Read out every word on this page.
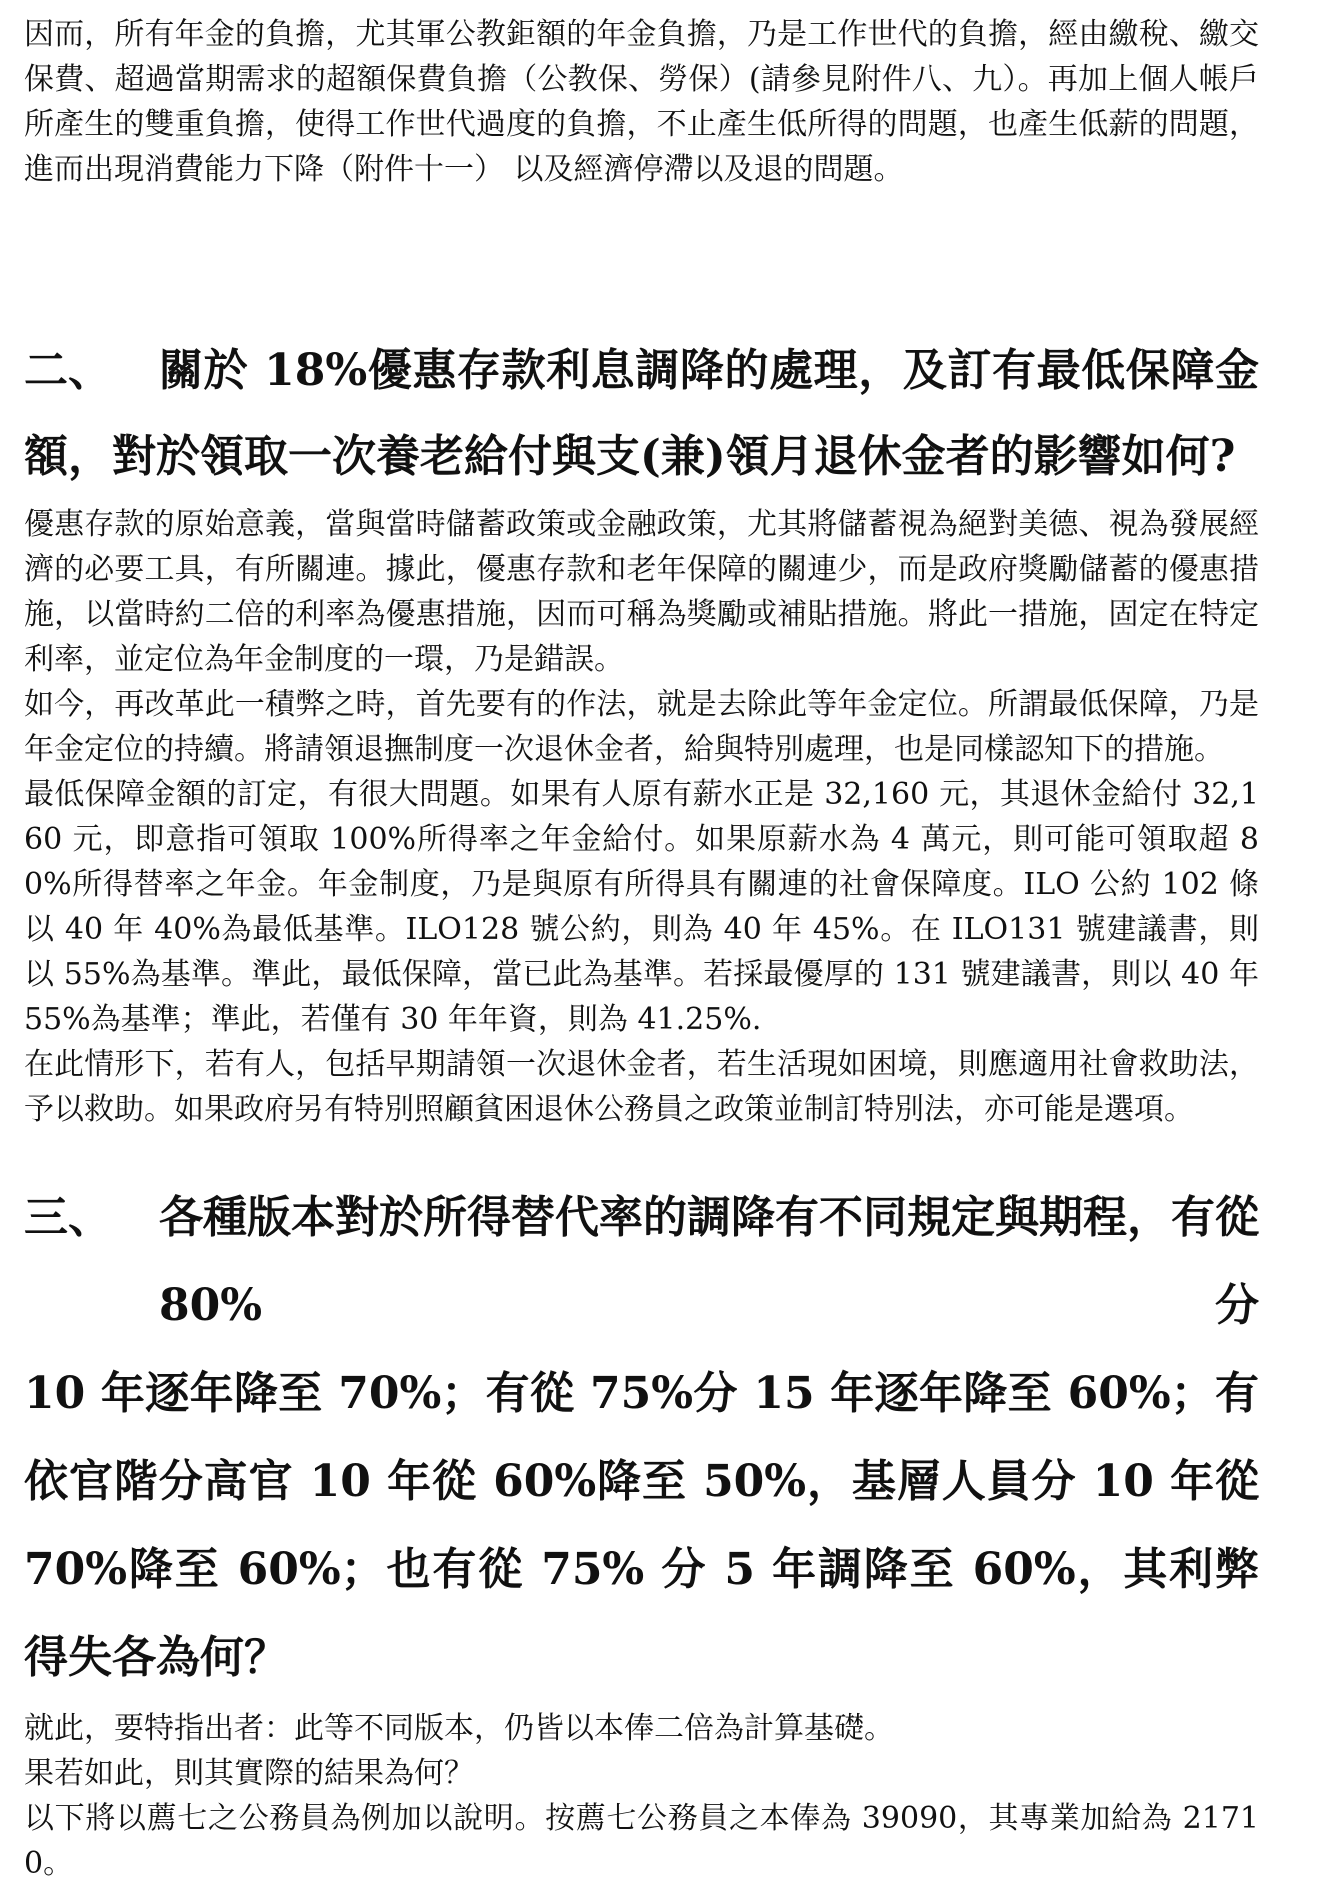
因而，所有年金的負擔，尤其軍公教鉅額的年金負擔，乃是工作世代的負擔，經由繳稅、繳交保費、超過當期需求的超額保費負擔（公教保、勞保）(請參見附件八、九）。再加上個人帳戶所產生的雙重負擔，使得工作世代過度的負擔，不止產生低所得的問題，也產生低薪的問題，進而出現消費能力下降（附件十一） 以及經濟停滯以及退的問題。

二、	關於 18%優惠存款利息調降的處理，及訂有最低保障金
額，對於領取一次養老給付與支(兼)領月退休金者的影響如何?

優惠存款的原始意義，當與當時儲蓄政策或金融政策，尤其將儲蓄視為絕對美德、視為發展經濟的必要工具，有所關連。據此，優惠存款和老年保障的關連少，而是政府獎勵儲蓄的優惠措施，以當時約二倍的利率為優惠措施，因而可稱為獎勵或補貼措施。將此一措施，固定在特定利率，並定位為年金制度的一環，乃是錯誤。

如今，再改革此一積弊之時，首先要有的作法，就是去除此等年金定位。所謂最低保障，乃是年金定位的持續。將請領退撫制度一次退休金者，給與特別處理，也是同樣認知下的措施。

最低保障金額的訂定，有很大問題。如果有人原有薪水正是 32,160 元，其退休金給付 32,160 元，即意指可領取 100%所得率之年金給付。如果原薪水為 4 萬元，則可能可領取超 80%所得替率之年金。年金制度，乃是與原有所得具有關連的社會保障度。ILO 公約 102 條以 40 年 40%為最低基準。ILO128 號公約，則為 40 年 45%。在 ILO131 號建議書，則以 55%為基準。準此，最低保障，當已此為基準。若採最優厚的 131 號建議書，則以 40 年 55%為基準；準此，若僅有 30 年年資，則為 41.25%.

在此情形下，若有人，包括早期請領一次退休金者，若生活現如困境，則應適用社會救助法，予以救助。如果政府另有特別照顧貧困退休公務員之政策並制訂特別法，亦可能是選項。

三、	各種版本對於所得替代率的調降有不同規定與期程，有從 80%分
10 年逐年降至 70%；有從 75%分 15 年逐年降至 60%；有依官階分高官 10 年從 60%降至 50%，基層人員分 10 年從 70%降至 60%；也有從 75% 分 5 年調降至 60%，其利弊得失各為何？

就此，要特指出者：此等不同版本，仍皆以本俸二倍為計算基礎。

果若如此，則其實際的結果為何？

以下將以薦七之公務員為例加以說明。按薦七公務員之本俸為 39090，其專業加給為 21710。
